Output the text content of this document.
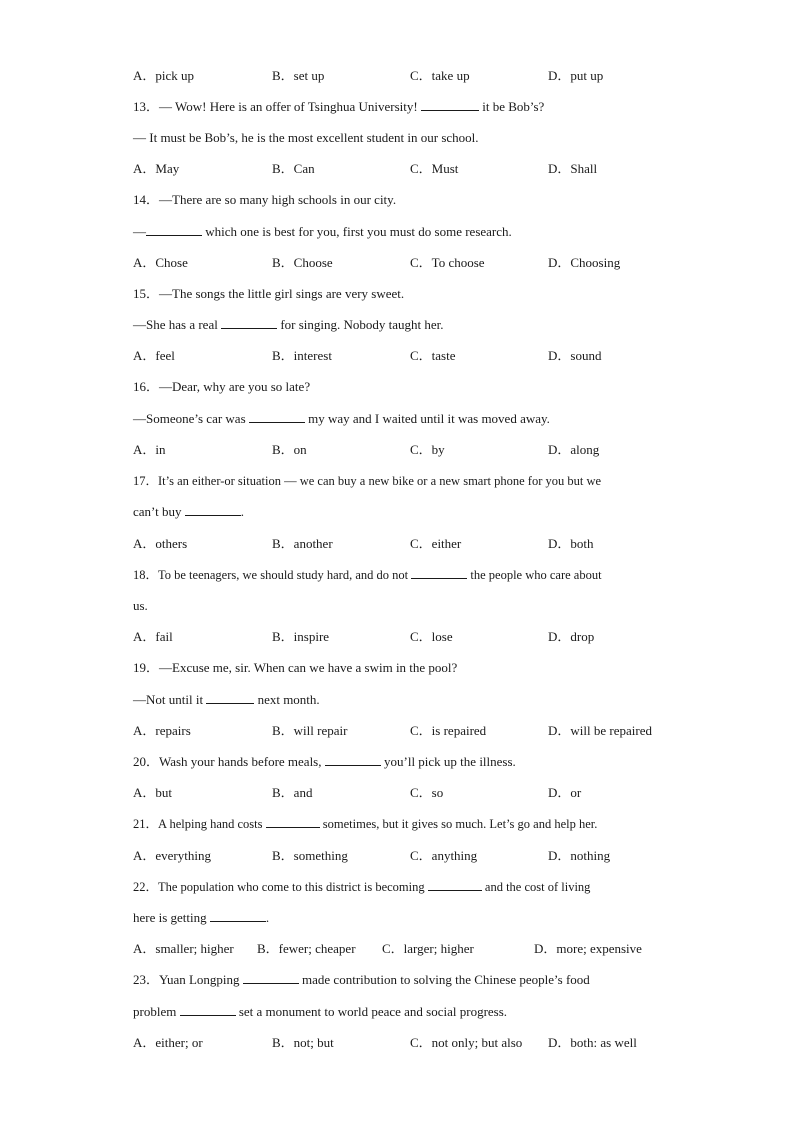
A．pick up	B．set up	C．take up	D．put up
13．— Wow! Here is an offer of Tsinghua University!	it be Bob’s?
— It must be Bob’s, he is the most excellent student in our school.
A．May	B．Can	C．Must	D．Shall
14．—There are so many high schools in our city.
—	which one is best for you, first you must do some research.
A．Chose	B．Choose	C．To choose	D．Choosing
15．—The songs the little girl sings are very sweet.
—She has a real	for singing. Nobody taught her.
A．feel	B．interest	C．taste	D．sound
16．—Dear, why are you so late?
—Someone’s car was	my way and I waited until it was moved away.
A．in	B．on	C．by	D．along
17．It’s an either-or situation — we can buy a new bike or a new smart phone for you but we
can’t buy	.
A．others	B．another	C．either	D．both
18．To be teenagers, we should study hard, and do not	the people who care about
us.
A．fail	B．inspire	C．lose	D．drop
19．—Excuse me, sir. When can we have a swim in the pool?
—Not until it	next month.
A．repairs	B．will repair	C．is repaired	D．will be repaired
20．Wash your hands before meals,	you’ll pick up the illness.
A．but	B．and	C．so	D．or
21．A helping hand costs	sometimes, but it gives so much. Let’s go and help her.
A．everything	B．something	C．anything	D．nothing
22．The population who come to this district is becoming	and the cost of living
here is getting	.
A．smaller; higher B．fewer; cheaper C．larger; higher	D．more; expensive
23．Yuan Longping	made contribution to solving the Chinese people’s food
problem	set a monument to world peace and social progress.
A．either; or	B．not; but	C．not only; but also D．both: as well
